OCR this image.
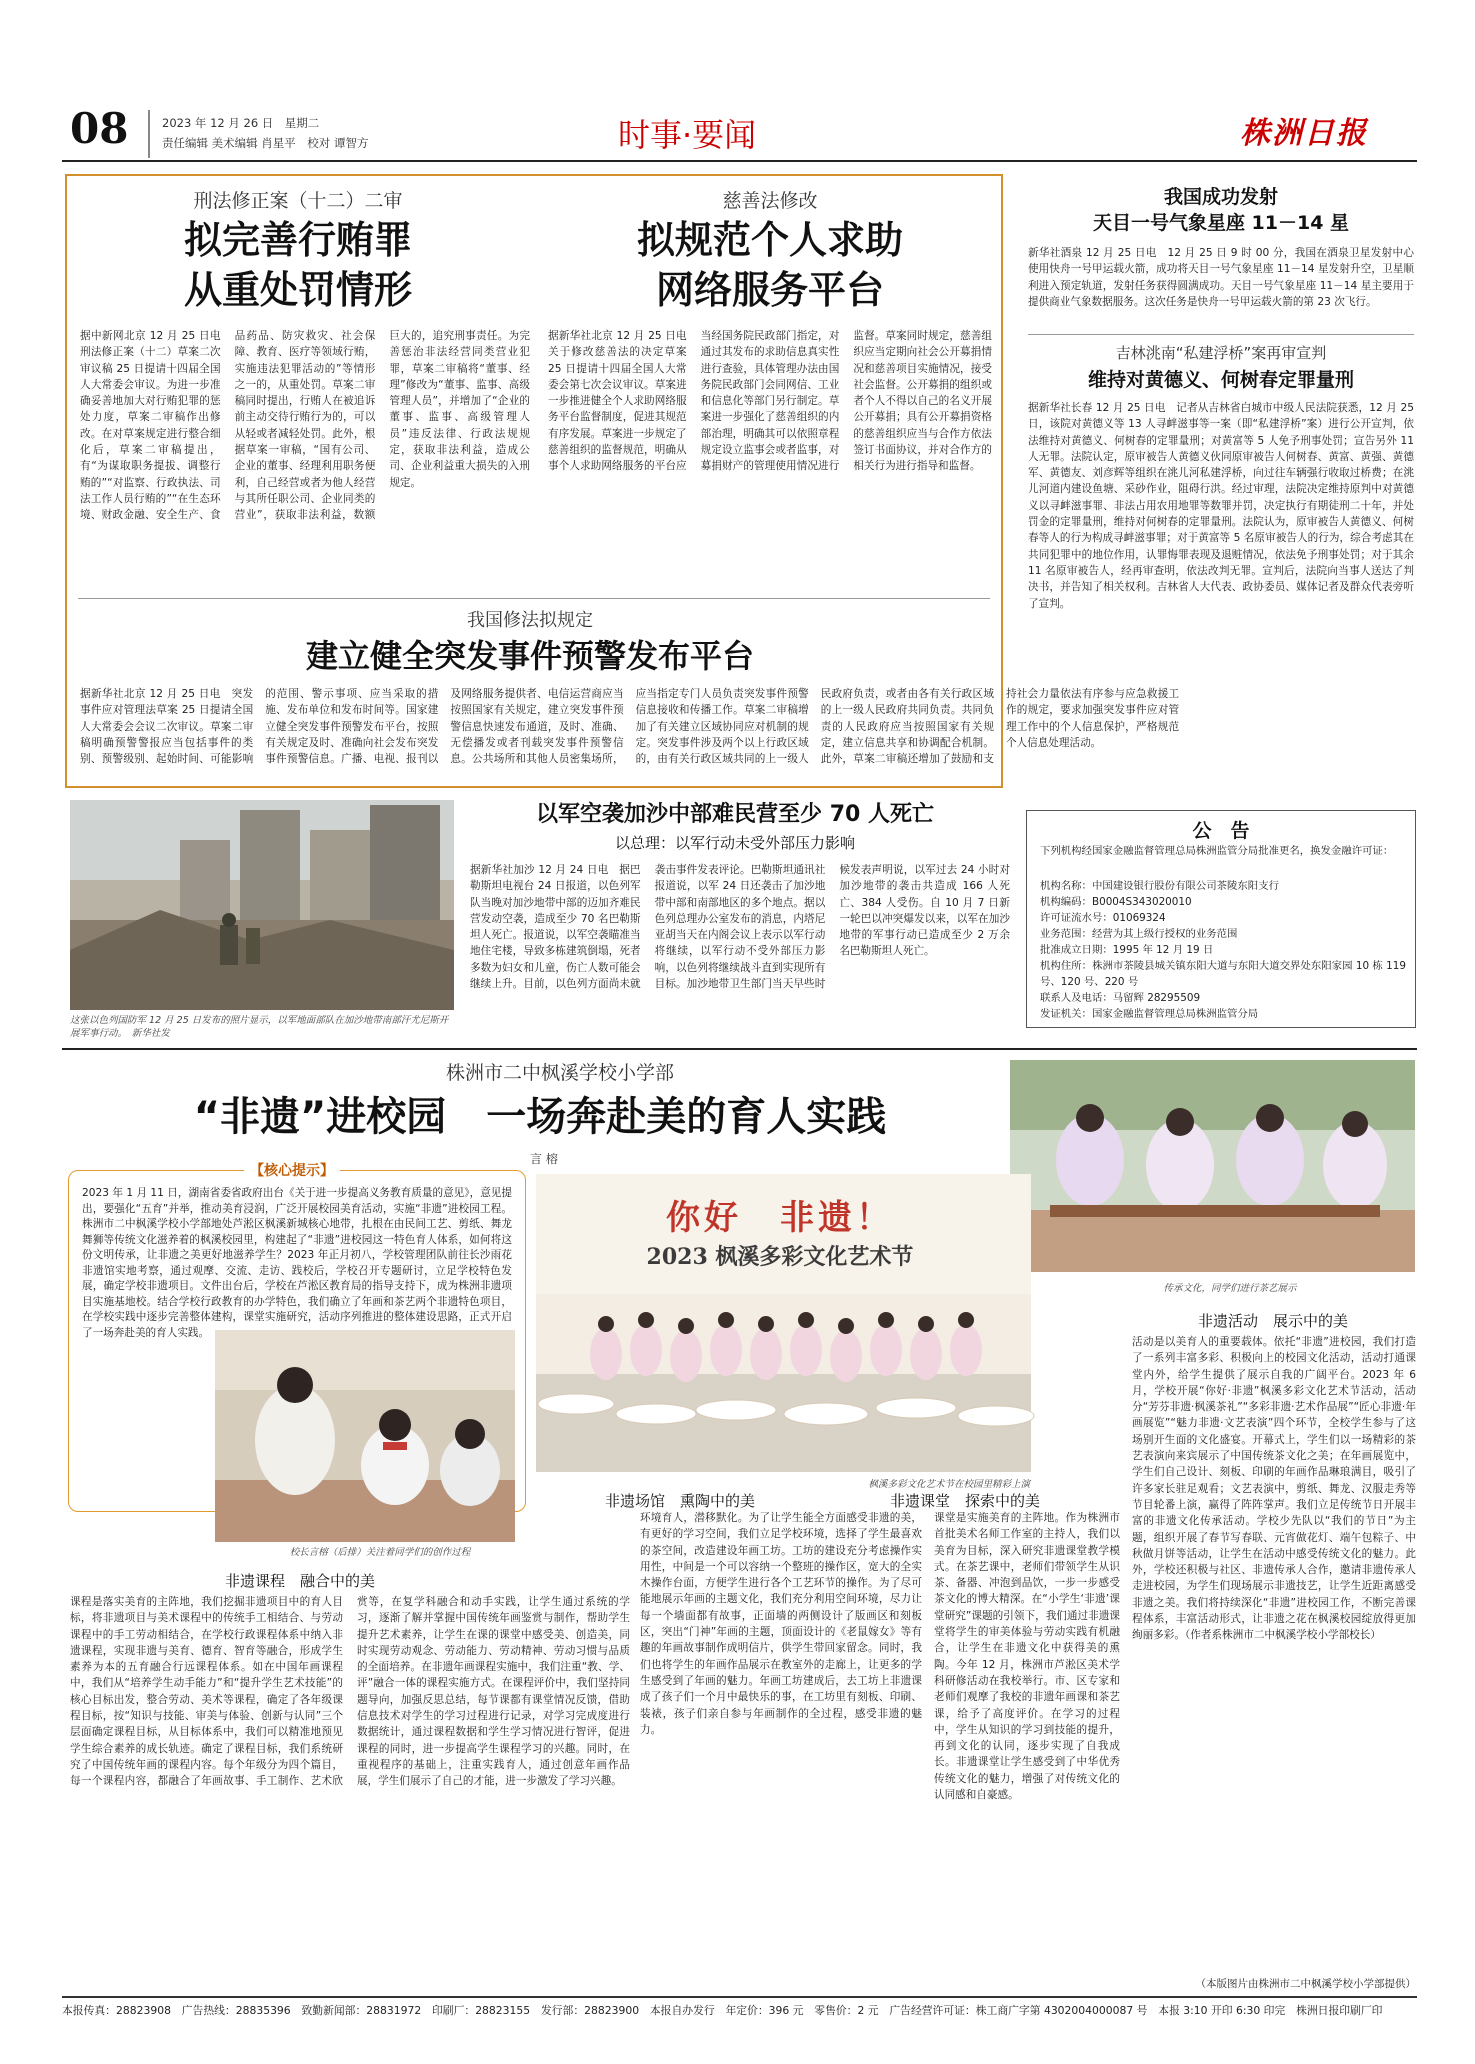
08	2023 年 12 月 26 日　星期二
责任编辑 美术编辑 肖星平　校对 谭智方	时事·要闻	株洲日报
刑法修正案（十二）二审
拟完善行贿罪
从重处罚情形
据中新网北京 12 月 25 日电　刑法修正案（十二）草案二次审议稿 25 日提请十四届全国人大常委会审议。为进一步准确妥善地加大对行贿犯罪的惩处力度，草案二审稿作出修改。在对草案规定进行整合细化后，草案二审稿提出，有“为谋取职务提拔、调整行贿的”“对监察、行政执法、司法工作人员行贿的”“在生态环境、财政金融、安全生产、食品药品、防灾救灾、社会保障、教育、医疗等领域行贿，实施违法犯罪活动的”等情形之一的，从重处罚。草案二审稿同时提出，行贿人在被追诉前主动交待行贿行为的，可以从轻或者减轻处罚。此外，根据草案一审稿，“国有公司、企业的董事、经理利用职务便利，自己经营或者为他人经营与其所任职公司、企业同类的营业”，获取非法利益，数额巨大的，追究刑事责任。为完善惩治非法经营同类营业犯罪，草案二审稿将“董事、经理”修改为“董事、监事、高级管理人员”，并增加了“企业的董事、监事、高级管理人员”违反法律、行政法规规定，获取非法利益，造成公司、企业利益重大损失的入刑规定。
慈善法修改
拟规范个人求助
网络服务平台
据新华社北京 12 月 25 日电　关于修改慈善法的决定草案 25 日提请十四届全国人大常委会第七次会议审议。草案进一步推进健全个人求助网络服务平台监督制度，促进其规范有序发展。草案进一步规定了慈善组织的监督规范，明确从事个人求助网络服务的平台应当经国务院民政部门指定，对通过其发布的求助信息真实性进行查验，具体管理办法由国务院民政部门会同网信、工业和信息化等部门另行制定。草案进一步强化了慈善组织的内部治理，明确其可以依照章程规定设立监事会或者监事，对募捐财产的管理使用情况进行监督。草案同时规定，慈善组织应当定期向社会公开募捐情况和慈善项目实施情况，接受社会监督。公开募捐的组织或者个人不得以自己的名义开展公开募捐；具有公开募捐资格的慈善组织应当与合作方依法签订书面协议，并对合作方的相关行为进行指导和监督。
我国修法拟规定
建立健全突发事件预警发布平台
据新华社北京 12 月 25 日电　突发事件应对管理法草案 25 日提请全国人大常委会会议二次审议。草案二审稿明确预警警报应当包括事件的类别、预警级别、起始时间、可能影响的范围、警示事项、应当采取的措施、发布单位和发布时间等。国家建立健全突发事件预警发布平台，按照有关规定及时、准确向社会发布突发事件预警信息。广播、电视、报刊以及网络服务提供者、电信运营商应当按照国家有关规定，建立突发事件预警信息快速发布通道，及时、准确、无偿播发或者刊载突发事件预警信息。公共场所和其他人员密集场所，应当指定专门人员负责突发事件预警信息接收和传播工作。草案二审稿增加了有关建立区域协同应对机制的规定。突发事件涉及两个以上行政区域的，由有关行政区域共同的上一级人民政府负责，或者由各有关行政区域的上一级人民政府共同负责。共同负责的人民政府应当按照国家有关规定，建立信息共享和协调配合机制。此外，草案二审稿还增加了鼓励和支持社会力量依法有序参与应急救援工作的规定，要求加强突发事件应对管理工作中的个人信息保护，严格规范个人信息处理活动。
我国成功发射
天目一号气象星座 11－14 星
新华社酒泉 12 月 25 日电　12 月 25 日 9 时 00 分，我国在酒泉卫星发射中心使用快舟一号甲运载火箭，成功将天目一号气象星座 11－14 星发射升空，卫星顺利进入预定轨道，发射任务获得圆满成功。天目一号气象星座 11－14 星主要用于提供商业气象数据服务。这次任务是快舟一号甲运载火箭的第 23 次飞行。
吉林洮南“私建浮桥”案再审宣判
维持对黄德义、何树春定罪量刑
据新华社长春 12 月 25 日电　记者从吉林省白城市中级人民法院获悉，12 月 25 日，该院对黄德义等 13 人寻衅滋事等一案（即“私建浮桥”案）进行公开宣判，依法维持对黄德义、何树春的定罪量刑；对黄富等 5 人免予刑事处罚；宣告另外 11 人无罪。法院认定，原审被告人黄德义伙同原审被告人何树春、黄富、黄强、黄德军、黄德友、刘彦辉等组织在洮儿河私建浮桥，向过往车辆强行收取过桥费；在洮儿河道内建设鱼塘、采砂作业，阻碍行洪。经过审理，法院决定维持原判中对黄德义以寻衅滋事罪、非法占用农用地罪等数罪并罚，决定执行有期徒刑二十年，并处罚金的定罪量刑，维持对何树春的定罪量刑。法院认为，原审被告人黄德义、何树春等人的行为构成寻衅滋事罪；对于黄富等 5 名原审被告人的行为，综合考虑其在共同犯罪中的地位作用，认罪悔罪表现及退赃情况，依法免予刑事处罚；对于其余 11 名原审被告人，经再审查明，依法改判无罪。宣判后，法院向当事人送达了判决书，并告知了相关权利。吉林省人大代表、政协委员、媒体记者及群众代表旁听了宣判。
公　告
下列机构经国家金融监督管理总局株洲监管分局批准更名，换发金融许可证：
机构名称：中国建设银行股份有限公司茶陵东阳支行
机构编码：B0004S343020010
许可证流水号：01069324
业务范围：经营为其上级行授权的业务范围
批准成立日期：1995 年 12 月 19 日
机构住所：株洲市茶陵县城关镇东阳大道与东阳大道交界处东阳家园 10 栋 119 号、120 号、220 号
联系人及电话：马留辉 28295509
发证机关：国家金融监督管理总局株洲监管分局
这张以色列国防军 12 月 25 日发布的照片显示，以军地面部队在加沙地带南部汗尤尼斯开展军事行动。　新华社发
以军空袭加沙中部难民营至少 70 人死亡
以总理：以军行动未受外部压力影响
据新华社加沙 12 月 24 日电　据巴勒斯坦电视台 24 日报道，以色列军队当晚对加沙地带中部的迈加齐难民营发动空袭，造成至少 70 名巴勒斯坦人死亡。报道说，以军空袭瞄准当地住宅楼，导致多栋建筑倒塌，死者多数为妇女和儿童，伤亡人数可能会继续上升。目前，以色列方面尚未就袭击事件发表评论。巴勒斯坦通讯社报道说，以军 24 日还袭击了加沙地带中部和南部地区的多个地点。据以色列总理办公室发布的消息，内塔尼亚胡当天在内阁会议上表示以军行动将继续，以军行动不受外部压力影响，以色列将继续战斗直到实现所有目标。加沙地带卫生部门当天早些时候发表声明说，以军过去 24 小时对加沙地带的袭击共造成 166 人死亡、384 人受伤。自 10 月 7 日新一轮巴以冲突爆发以来，以军在加沙地带的军事行动已造成至少 2 万余名巴勒斯坦人死亡。
株洲市二中枫溪学校小学部
“非遗”进校园　一场奔赴美的育人实践
言 榕
传承文化，同学们进行茶艺展示
【核心提示】
2023 年 1 月 11 日，湖南省委省政府出台《关于进一步提高义务教育质量的意见》，意见提出，要强化“五育”并举，推动美育浸润，广泛开展校园美育活动，实施“非遗”进校园工程。株洲市二中枫溪学校小学部地处芦淞区枫溪新城核心地带，扎根在由民间工艺、剪纸、舞龙舞狮等传统文化滋养着的枫溪校园里，构建起了“非遗”进校园这一特色育人体系，如何将这份文明传承，让非遗之美更好地滋养学生？2023 年正月初八，学校管理团队前往长沙雨花非遗馆实地考察，通过观摩、交流、走访、践校后，学校召开专题研讨，立足学校特色发展，确定学校非遗项目。文件出台后，学校在芦淞区教育局的指导支持下，成为株洲非遗项目实施基地校。结合学校行政教育的办学特色，我们确立了年画和茶艺两个非遗特色项目，在学校实践中逐步完善整体建构，课堂实施研究，活动序列推进的整体建设思路，正式开启了一场奔赴美的育人实践。
校长言榕（后排）关注着同学们的创作过程
你好　非遗！
2023 枫溪多彩文化艺术节
枫溪多彩文化艺术节在校园里精彩上演
非遗课程　融合中的美
课程是落实美育的主阵地，我们挖掘非遗项目中的育人目标，将非遗项目与美术课程中的传统手工相结合、与劳动课程中的手工劳动相结合，在学校行政课程体系中纳入非遗课程，实现非遗与美育、德育、智育等融合，形成学生素养为本的五育融合行远课程体系。如在中国年画课程中，我们从“培养学生动手能力”和“提升学生艺术技能”的核心目标出发，整合劳动、美术等课程，确定了各年级课程目标，按“知识与技能、审美与体验、创新与认同”三个层面确定课程目标，从目标体系中，我们可以精准地预见学生综合素养的成长轨迹。确定了课程目标，我们系统研究了中国传统年画的课程内容。每个年级分为四个篇目，每一个课程内容，都融合了年画故事、手工制作、艺术欣赏等，在复学科融合和动手实践，让学生通过系统的学习，逐渐了解并掌握中国传统年画鉴赏与制作，帮助学生提升艺术素养，让学生在课的课堂中感受美、创造美，同时实现劳动观念、劳动能力、劳动精神、劳动习惯与品质的全面培养。在非遗年画课程实施中，我们注重“教、学、评”融合一体的课程实施方式。在课程评价中，我们坚持同题导向，加强反思总结，每节课都有课堂情况反馈，借助信息技术对学生的学习过程进行记录，对学习完成度进行数据统计，通过课程数据和学生学习情况进行智评，促进课程的同时，进一步提高学生课程学习的兴趣。同时，在重视程序的基础上，注重实践育人，通过创意年画作品展，学生们展示了自己的才能，进一步激发了学习兴趣。
非遗场馆　熏陶中的美
环境育人，潜移默化。为了让学生能全方面感受非遗的美，有更好的学习空间，我们立足学校环境，选择了学生最喜欢的茶空间，改造建设年画工坊。工坊的建设充分考虑操作实用性，中间是一个可以容纳一个整班的操作区，宽大的全实木操作台面，方便学生进行各个工艺环节的操作。为了尽可能地展示年画的主题文化，我们充分利用空间环境，尽力让每一个墙面都有故事，正面墙的两侧设计了版画区和刻板区，突出“门神”年画的主题，顶面设计的《老鼠嫁女》等有趣的年画故事制作成明信片，供学生带回家留念。同时，我们也将学生的年画作品展示在教室外的走廊上，让更多的学生感受到了年画的魅力。年画工坊建成后，去工坊上非遗课成了孩子们一个月中最快乐的事，在工坊里有刻板、印刷、装裱，孩子们亲自参与年画制作的全过程，感受非遗的魅力。
非遗课堂　探索中的美
课堂是实施美育的主阵地。作为株洲市首批美术名师工作室的主持人，我们以美育为目标，深入研究非遗课堂教学模式。在茶艺课中，老师们带领学生从识茶、备器、冲泡到品饮，一步一步感受茶文化的博大精深。在“小学生‘非遗’课堂研究”课题的引领下，我们通过非遗课堂将学生的审美体验与劳动实践有机融合，让学生在非遗文化中获得美的熏陶。今年 12 月，株洲市芦淞区美术学科研修活动在我校举行。市、区专家和老师们观摩了我校的非遗年画课和茶艺课，给予了高度评价。在学习的过程中，学生从知识的学习到技能的提升，再到文化的认同，逐步实现了自我成长。非遗课堂让学生感受到了中华优秀传统文化的魅力，增强了对传统文化的认同感和自豪感。
非遗活动　展示中的美
活动是以美育人的重要载体。依托“非遗”进校园，我们打造了一系列丰富多彩、积极向上的校园文化活动，活动打通课堂内外，给学生提供了展示自我的广阔平台。2023 年 6 月，学校开展“你好·非遗”枫溪多彩文化艺术节活动，活动分“芳芬非遗·枫溪茶礼”“多彩非遗·艺术作品展”“匠心非遗·年画展览”“魅力非遗·文艺表演”四个环节，全校学生参与了这场别开生面的文化盛宴。开幕式上，学生们以一场精彩的茶艺表演向来宾展示了中国传统茶文化之美；在年画展览中，学生们自己设计、刻板、印刷的年画作品琳琅满目，吸引了许多家长驻足观看；文艺表演中，剪纸、舞龙、汉服走秀等节目轮番上演，赢得了阵阵掌声。我们立足传统节日开展丰富的非遗文化传承活动。学校少先队以“我们的节日”为主题，组织开展了春节写春联、元宵做花灯、端午包粽子、中秋做月饼等活动，让学生在活动中感受传统文化的魅力。此外，学校还积极与社区、非遗传承人合作，邀请非遗传承人走进校园，为学生们现场展示非遗技艺，让学生近距离感受非遗之美。我们将持续深化“非遗”进校园工作，不断完善课程体系，丰富活动形式，让非遗之花在枫溪校园绽放得更加绚丽多彩。（作者系株洲市二中枫溪学校小学部校长）
（本版图片由株洲市二中枫溪学校小学部提供）
本报传真：28823908　广告热线：28835396　致勤新闻部：28831972　印刷厂：28823155　发行部：28823900　本报自办发行　年定价：396 元　零售价：2 元　广告经营许可证：株工商广字第 4302004000087 号　本报 3:10 开印 6:30 印完　株洲日报印刷厂印
